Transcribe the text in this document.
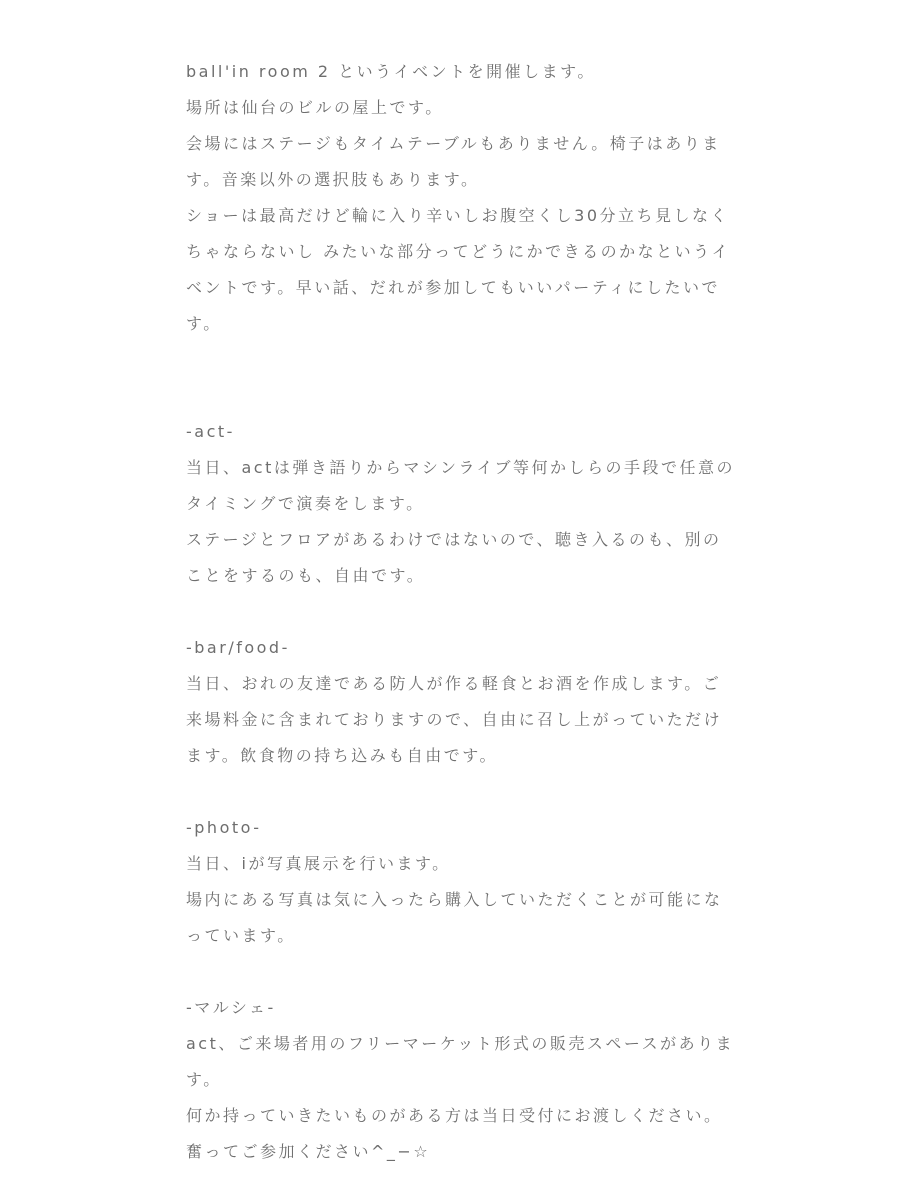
ball'in room 2 というイベントを開催します。

場所は仙台のビルの屋上です。

会場にはステージもタイムテーブルもありません。椅子はありま

す。音楽以外の選択肢もあります。

ショーは最高だけど輪に入り辛いしお腹空くし30分立ち見しなく

ちゃならないし みたいな部分ってどうにかできるのかなというイ

ベントです。早い話、だれが参加してもいいパーティにしたいで

す。

-act-

当日、actは弾き語りからマシンライブ等何かしらの手段で任意の

タイミングで演奏をします。

ステージとフロアがあるわけではないので、聴き入るのも、別の

ことをするのも、自由です。

-bar/food-

当日、おれの友達である防人が作る軽食とお酒を作成します。ご

来場料金に含まれておりますので、自由に召し上がっていただけ

ます。飲食物の持ち込みも自由です。

-photo-

当日、iが写真展示を行います。

場内にある写真は気に入ったら購入していただくことが可能にな

っています。

-マルシェ-

act、ご来場者用のフリーマーケット形式の販売スペースがありま

す。

何か持っていきたいものがある方は当日受付にお渡しください。

奮ってご参加ください^_−☆
